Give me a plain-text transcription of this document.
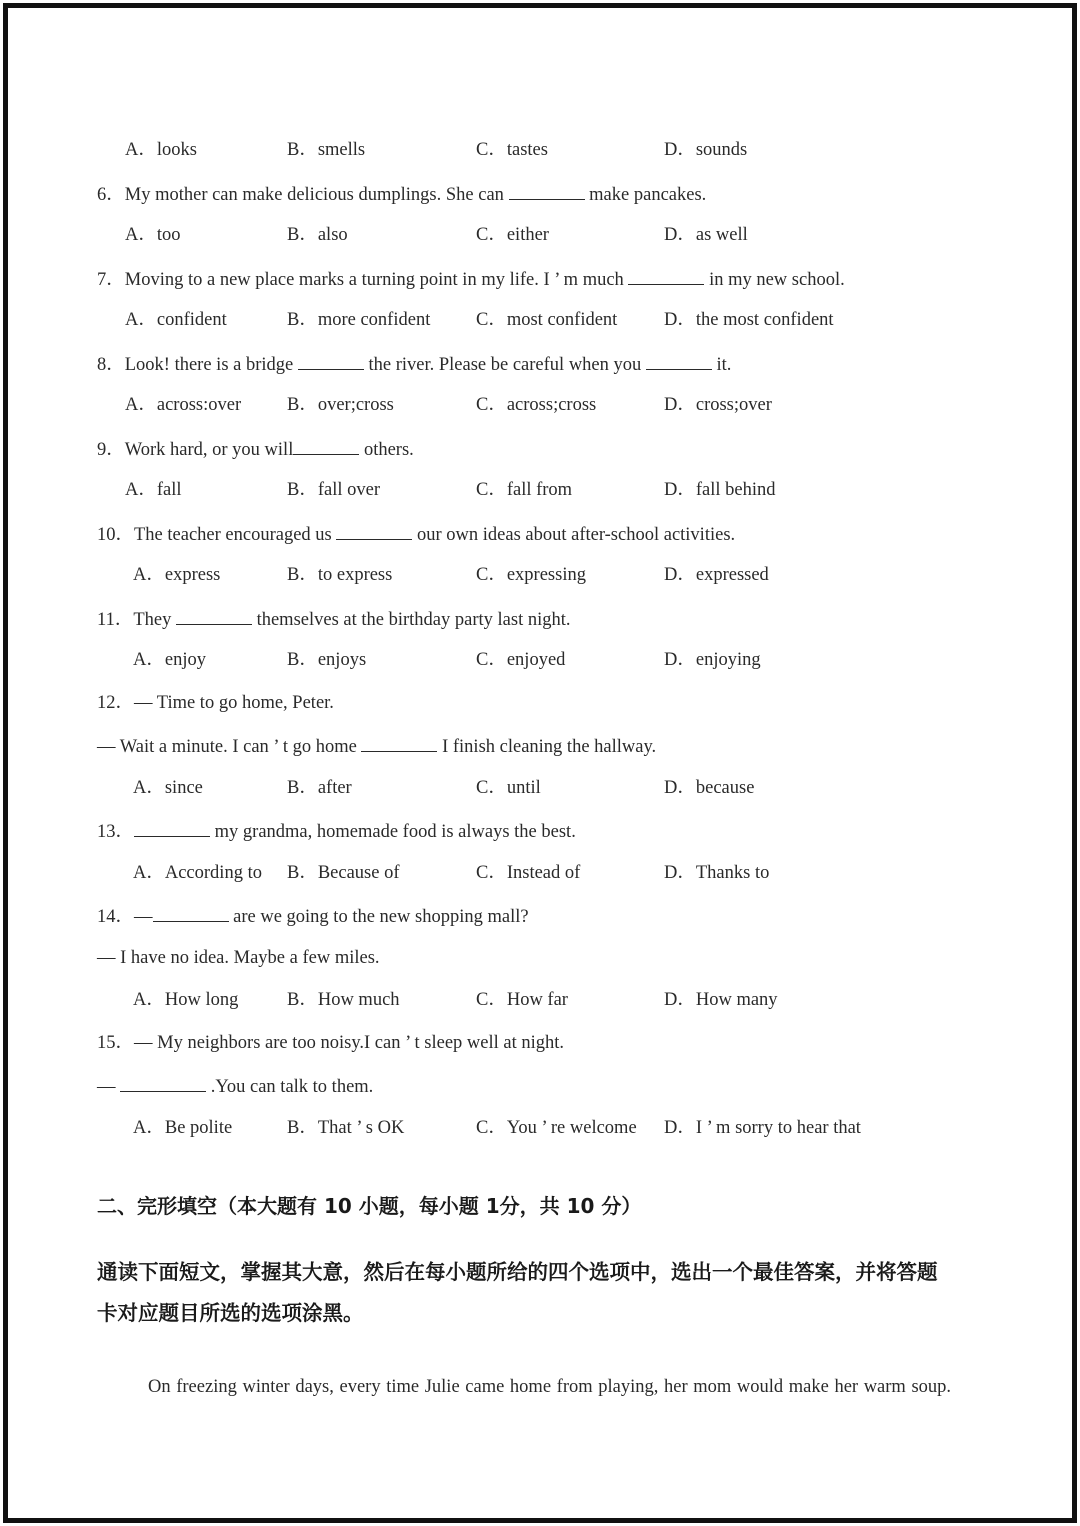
A．looks	B．smells	C．tastes	D．sounds
6．My mother can make delicious dumplings. She can	make pancakes.
A．too	B．also	C．either	D．as well
7．Moving to a new place marks a turning point in my life. I ’ m much	in my new school.
A．confident	B．more confident C．most confident	D．the most confident
8．Look! there is a bridge	the river. Please be careful when you	it.
A．across:over B．over;cross	C．across;cross	D．cross;over
9．Work hard, or you will	others.
A．fall	B．fall over	C．fall from	D．fall behind
10．The teacher encouraged us	our own ideas about after-school activities.
A．express	B．to express	C．expressing	D．expressed
11．They	themselves at the birthday party last night.
A．enjoy	B．enjoys	C．enjoyed	D．enjoying
12．— Time to go home, Peter.
— Wait a minute. I can ’ t go home	I finish cleaning the hallway.
A．since	B．after	C．until	D．because
13．	my grandma, homemade food is always the best.
A．According to B．Because of	C．Instead of	D．Thanks to
14．—	are we going to the new shopping mall?
— I have no idea. Maybe a few miles.
A．How long	B．How much	C．How far	D．How many
15．— My neighbors are too noisy.I can ’ t sleep well at night.
—	.You can talk to them.
A．Be polite	B．That ’ s OK	C．You ’ re welcome D．I ’ m sorry to hear that
二、完形填空（本大题有 10 小题，每小题 1分，共 10 分）
通读下面短文，掌握其大意，然后在每小题所给的四个选项中，选出一个最佳答案，并将答题
卡对应题目所选的选项涂黑。
On freezing winter days, every time Julie came home from playing, her mom would make her warm soup.
